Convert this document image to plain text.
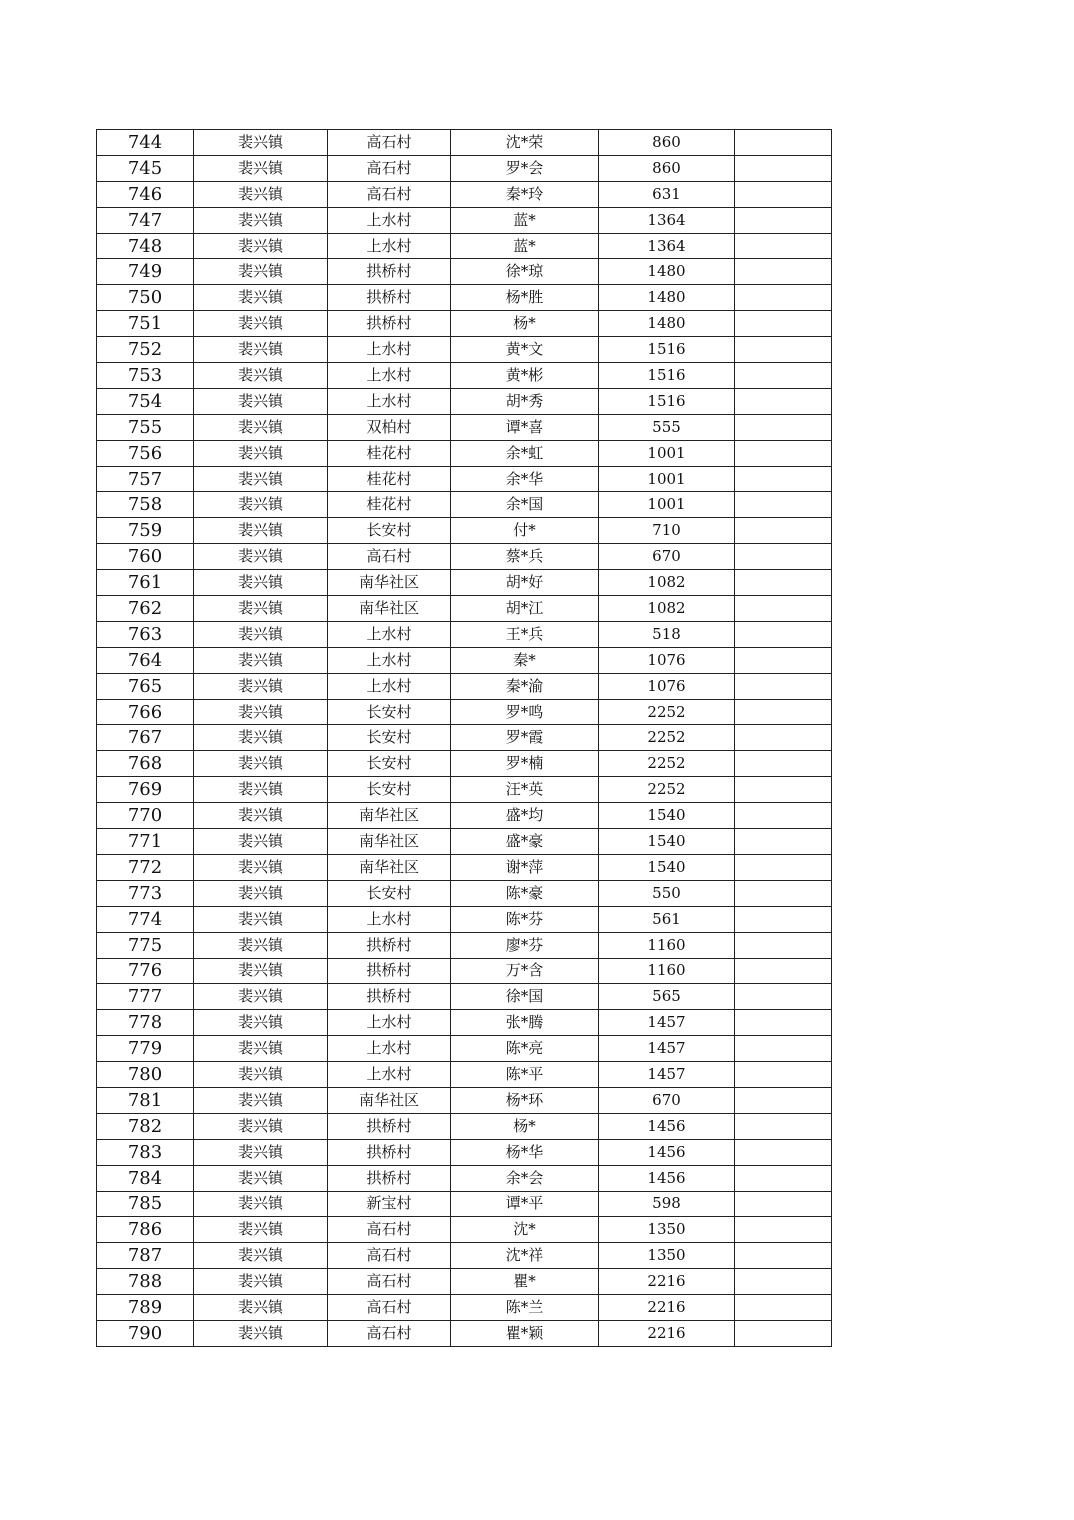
744	裴兴镇	高石村	沈*荣	860	
745	裴兴镇	高石村	罗*会	860	
746	裴兴镇	高石村	秦*玲	631	
747	裴兴镇	上水村	蓝*	1364	
748	裴兴镇	上水村	蓝*	1364	
749	裴兴镇	拱桥村	徐*琼	1480	
750	裴兴镇	拱桥村	杨*胜	1480	
751	裴兴镇	拱桥村	杨*	1480	
752	裴兴镇	上水村	黄*文	1516	
753	裴兴镇	上水村	黄*彬	1516	
754	裴兴镇	上水村	胡*秀	1516	
755	裴兴镇	双柏村	谭*喜	555	
756	裴兴镇	桂花村	余*虹	1001	
757	裴兴镇	桂花村	余*华	1001	
758	裴兴镇	桂花村	余*国	1001	
759	裴兴镇	长安村	付*	710	
760	裴兴镇	高石村	蔡*兵	670	
761	裴兴镇	南华社区	胡*好	1082	
762	裴兴镇	南华社区	胡*江	1082	
763	裴兴镇	上水村	王*兵	518	
764	裴兴镇	上水村	秦*	1076	
765	裴兴镇	上水村	秦*渝	1076	
766	裴兴镇	长安村	罗*鸣	2252	
767	裴兴镇	长安村	罗*霞	2252	
768	裴兴镇	长安村	罗*楠	2252	
769	裴兴镇	长安村	汪*英	2252	
770	裴兴镇	南华社区	盛*均	1540	
771	裴兴镇	南华社区	盛*豪	1540	
772	裴兴镇	南华社区	谢*萍	1540	
773	裴兴镇	长安村	陈*豪	550	
774	裴兴镇	上水村	陈*芬	561	
775	裴兴镇	拱桥村	廖*芬	1160	
776	裴兴镇	拱桥村	万*含	1160	
777	裴兴镇	拱桥村	徐*国	565	
778	裴兴镇	上水村	张*腾	1457	
779	裴兴镇	上水村	陈*亮	1457	
780	裴兴镇	上水村	陈*平	1457	
781	裴兴镇	南华社区	杨*环	670	
782	裴兴镇	拱桥村	杨*	1456	
783	裴兴镇	拱桥村	杨*华	1456	
784	裴兴镇	拱桥村	余*会	1456	
785	裴兴镇	新宝村	谭*平	598	
786	裴兴镇	高石村	沈*	1350	
787	裴兴镇	高石村	沈*祥	1350	
788	裴兴镇	高石村	瞿*	2216	
789	裴兴镇	高石村	陈*兰	2216	
790	裴兴镇	高石村	瞿*颖	2216	
